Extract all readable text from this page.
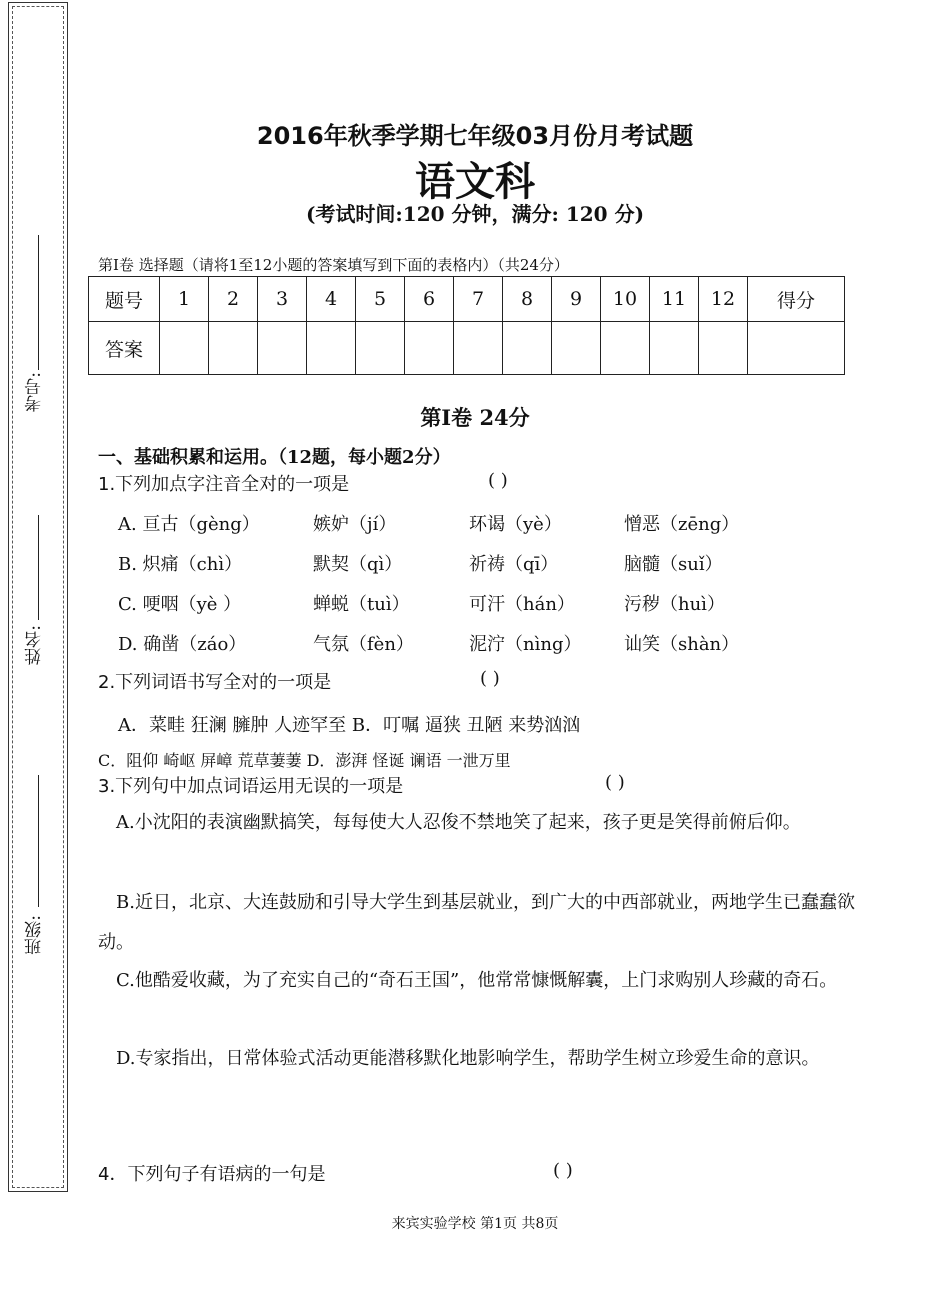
考号:
姓名:
班级:
2016年秋季学期七年级03月份月考试题
语文科
(考试时间:120 分钟，满分: 120 分)
第Ⅰ卷 选择题（请将1至12小题的答案填写到下面的表格内）（共24分）
题号	1	2	3	4	5	6	7	8	9	10	11	12	得分
答案													
第Ⅰ卷 24分
一、基础积累和运用。（12题，每小题2分）
1.下列加点字注音全对的一项是	( )
A. 亘古（gèng）	嫉妒（jí）	环谒（yè）	憎恶（zēng）
B. 炽痛（chì）	默契（qì）	祈祷（qī）	脑髓（suǐ）
C. 哽咽（yè ）	蝉蜕（tuì）	可汗（hán）	污秽（huì）
D. 确凿（záo）	气氛（fèn）	泥泞（nìng） 讪笑（shàn）
2.下列词语书写全对的一项是	( )
A．菜畦 狂澜 臃肿 人迹罕至 B．叮嘱 逼狭 丑陋 来势汹汹
C．阻仰 崎岖 屏嶂 荒草萋萋 D．澎湃 怪诞 谰语 一泄万里
3.下列句中加点词语运用无误的一项是	( )
A.小沈阳的表演幽默搞笑，每每使大人忍俊不禁地笑了起来，孩子更是笑得前俯后仰。
B.近日，北京、大连鼓励和引导大学生到基层就业，到广大的中西部就业，两地学生已蠢蠢欲动。
C.他酷爱收藏，为了充实自己的“奇石王国”，他常常慷慨解囊，上门求购别人珍藏的奇石。
D.专家指出，日常体验式活动更能潜移默化地影响学生，帮助学生树立珍爱生命的意识。
4．下列句子有语病的一句是	( )
来宾实验学校 第1页 共8页
